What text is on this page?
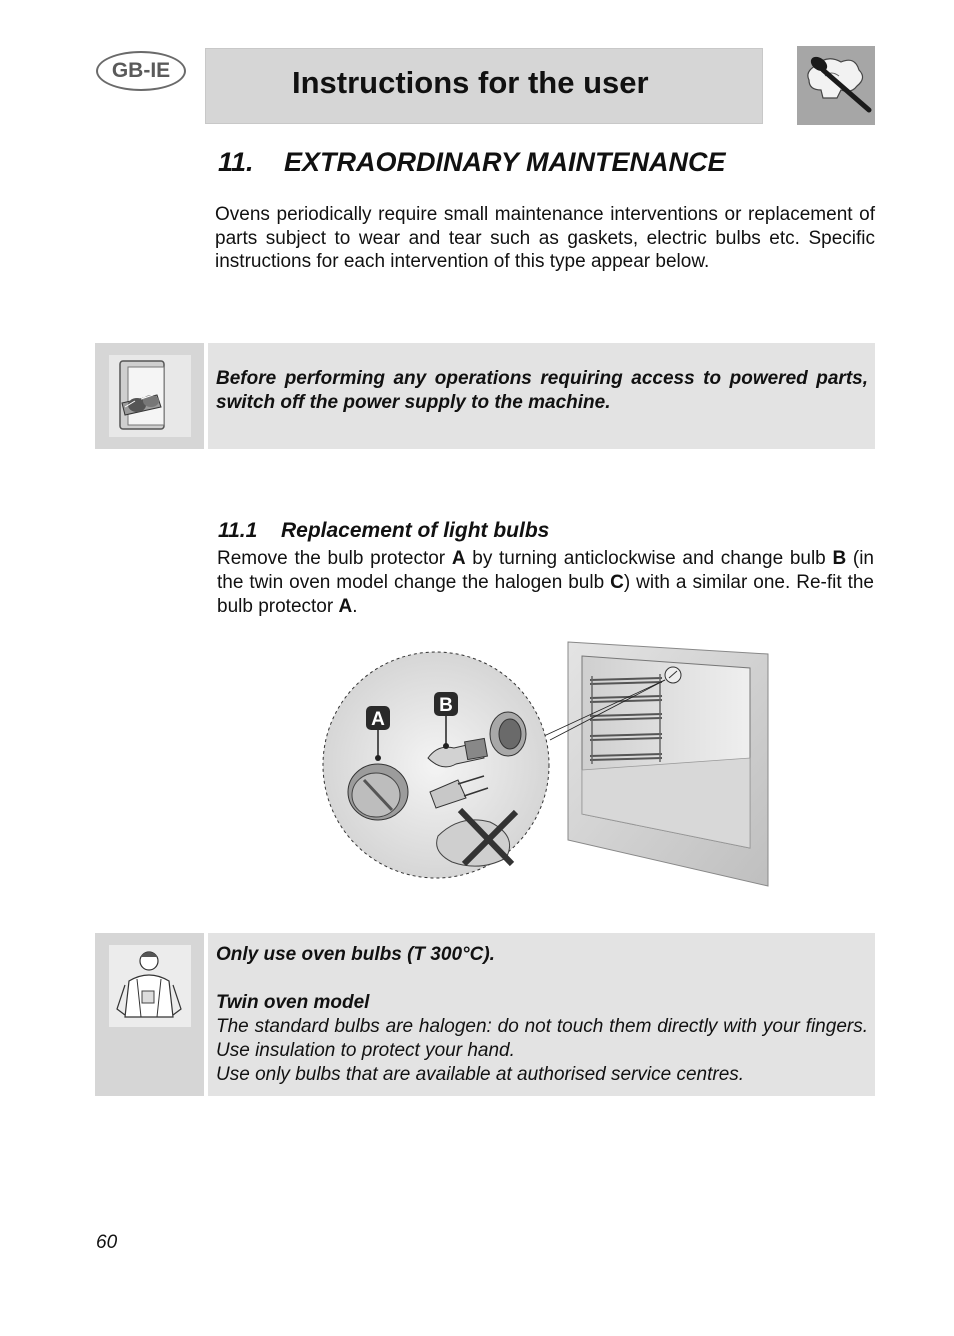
GB-IE	Instructions for the user
11. EXTRAORDINARY MAINTENANCE

Ovens periodically require small maintenance interventions or replacement of parts subject to wear and tear such as gaskets, electric bulbs etc. Specific instructions for each intervention of this type appear below.

Before performing any operations requiring access to powered parts, switch off the power supply to the machine.
11.1 Replacement of light bulbs

Remove the bulb protector A by turning anticlockwise and change bulb B (in the twin oven model change the halogen bulb C) with a similar one. Re-fit the bulb protector A.

A
B

Only use oven bulbs (T 300°C).

Twin oven model

The standard bulbs are halogen: do not touch them directly with your fingers. Use insulation to protect your hand.

Use only bulbs that are available at authorised service centres.

60
